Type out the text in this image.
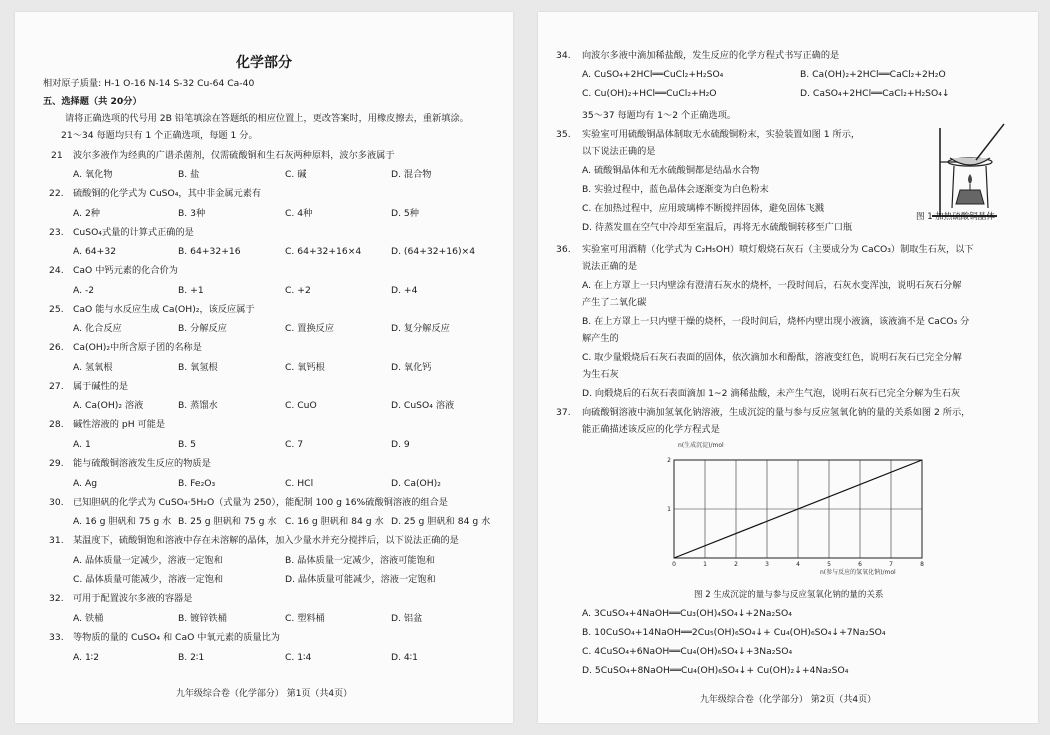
化学部分
相对原子质量: H-1 O-16 N-14 S-32 Cu-64 Ca-40
五、选择题（共 20分）
请将正确选项的代号用 2B 铅笔填涂在答题纸的相应位置上，更改答案时，用橡皮擦去，重新填涂。
21～34 每题均只有 1 个正确选项，每题 1 分。
21 波尔多液作为经典的广谱杀菌剂，仅需硫酸铜和生石灰两种原料，波尔多液属于
A. 氧化物	B. 盐	C. 碱	D. 混合物
22. 硫酸铜的化学式为 CuSO₄，其中非金属元素有
A. 2种	B. 3种	C. 4种	D. 5种
23. CuSO₄式量的计算式正确的是
A. 64+32	B. 64+32+16	C. 64+32+16×4	D. (64+32+16)×4
24. CaO 中钙元素的化合价为
A. -2	B. +1	C. +2	D. +4
25. CaO 能与水反应生成 Ca(OH)₂，该反应属于
A. 化合反应	B. 分解反应	C. 置换反应	D. 复分解反应
26. Ca(OH)₂中所含原子团的名称是
A. 氢氧根	B. 氧氢根	C. 氧钙根	D. 氧化钙
27. 属于碱性的是
A. Ca(OH)₂ 溶液	B. 蒸馏水	C. CuO	D. CuSO₄ 溶液
28. 碱性溶液的 pH 可能是
A. 1	B. 5	C. 7	D. 9
29. 能与硫酸铜溶液发生反应的物质是
A. Ag	B. Fe₂O₃	C. HCl	D. Ca(OH)₂
30. 已知胆矾的化学式为 CuSO₄·5H₂O（式量为 250），能配制 100 g 16%硫酸铜溶液的组合是
A. 16 g 胆矾和 75 g 水 B. 25 g 胆矾和 75 g 水 C. 16 g 胆矾和 84 g 水 D. 25 g 胆矾和 84 g 水
31. 某温度下，硫酸铜饱和溶液中存在未溶解的晶体，加入少量水并充分搅拌后，以下说法正确的是
A. 晶体质量一定减少，溶液一定饱和	B. 晶体质量一定减少，溶液可能饱和
C. 晶体质量可能减少，溶液一定饱和	D. 晶体质量可能减少，溶液一定饱和
32. 可用于配置波尔多液的容器是
A. 铁桶	B. 镀锌铁桶	C. 塑料桶	D. 铝盆
33. 等物质的量的 CuSO₄ 和 CaO 中氧元素的质量比为
A. 1∶2	B. 2∶1	C. 1∶4	D. 4∶1
九年级综合卷（化学部分） 第1页（共4页）
34. 向波尔多液中滴加稀盐酸，发生反应的化学方程式书写正确的是
A. CuSO₄+2HCl══CuCl₂+H₂SO₄	B. Ca(OH)₂+2HCl══CaCl₂+2H₂O
C. Cu(OH)₂+HCl══CuCl₂+H₂O	D. CaSO₄+2HCl══CaCl₂+H₂SO₄↓
35～37 每题均有 1～2 个正确选项。
35. 实验室可用硫酸铜晶体制取无水硫酸铜粉末，实验装置如图 1 所示，
以下说法正确的是
A. 硫酸铜晶体和无水硫酸铜都是结晶水合物
B. 实验过程中，蓝色晶体会逐渐变为白色粉末
C. 在加热过程中，应用玻璃棒不断搅拌固体，避免固体飞溅
D. 待蒸发皿在空气中冷却至室温后，再将无水硫酸铜转移至广口瓶
图 1 加热硫酸铜晶体
36. 实验室可用酒精（化学式为 C₂H₅OH）喷灯煅烧石灰石（主要成分为 CaCO₃）制取生石灰，以下
说法正确的是
A. 在上方罩上一只内壁涂有澄清石灰水的烧杯，一段时间后，石灰水变浑浊，说明石灰石分解
产生了二氧化碳
B. 在上方罩上一只内壁干燥的烧杯，一段时间后，烧杯内壁出现小液滴，该液滴不是 CaCO₃ 分
解产生的
C. 取少量煅烧后石灰石表面的固体，依次滴加水和酚酞，溶液变红色，说明石灰石已完全分解
为生石灰
D. 向煅烧后的石灰石表面滴加 1~2 滴稀盐酸，未产生气泡，说明石灰石已完全分解为生石灰
37. 向硫酸铜溶液中滴加氢氧化钠溶液，生成沉淀的量与参与反应氢氧化钠的量的关系如图 2 所示，
能正确描述该反应的化学方程式是
0	1	2	3	4	5	6	7	8
1
2
n(生成沉淀)/mol
n(参与反应的氢氧化钠)/mol
图 2 生成沉淀的量与参与反应氢氧化钠的量的关系
A. 3CuSO₄+4NaOH══Cu₃(OH)₄SO₄↓+2Na₂SO₄
B. 10CuSO₄+14NaOH══2Cu₅(OH)₆SO₄↓+ Cu₄(OH)₆SO₄↓+7Na₂SO₄
C. 4CuSO₄+6NaOH══Cu₄(OH)₆SO₄↓+3Na₂SO₄
D. 5CuSO₄+8NaOH══Cu₄(OH)₆SO₄↓+ Cu(OH)₂↓+4Na₂SO₄
九年级综合卷（化学部分） 第2页（共4页）
